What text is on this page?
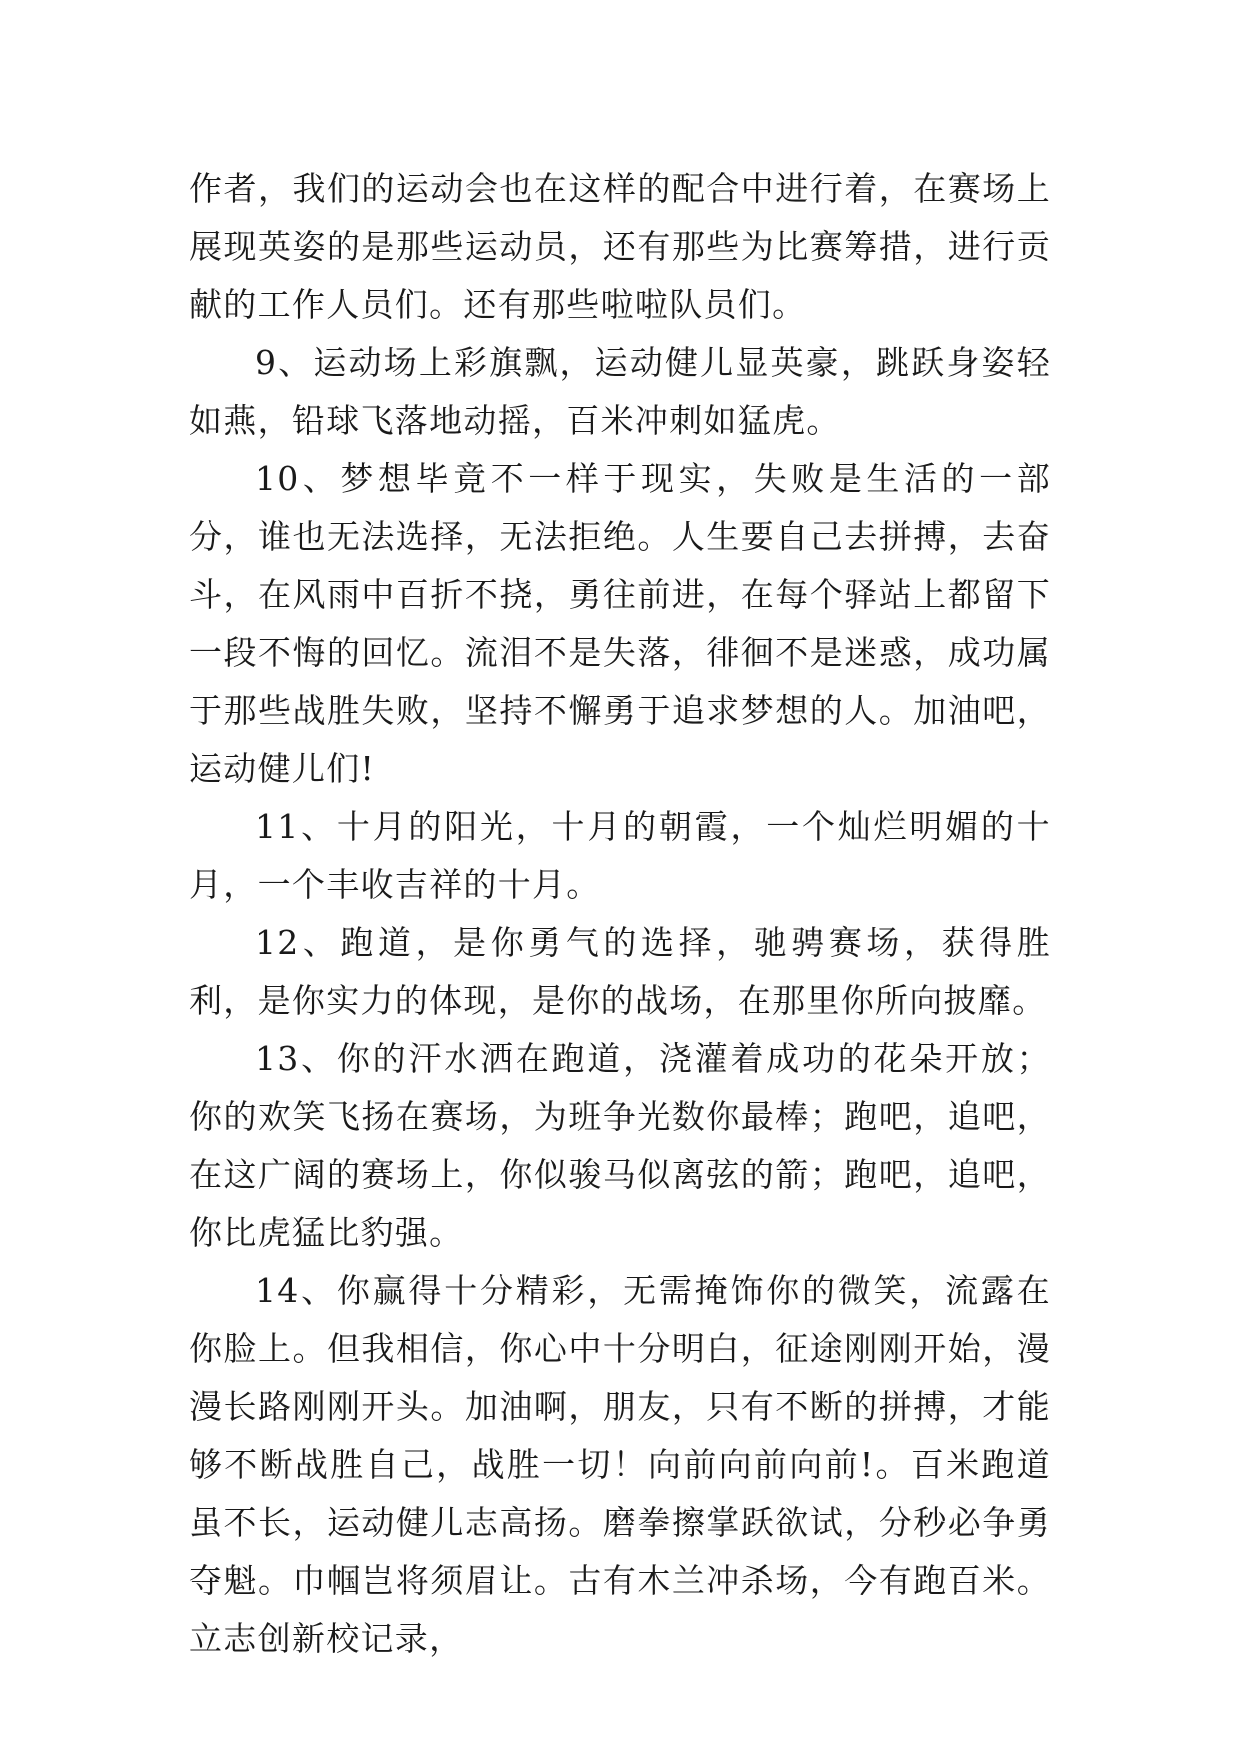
作者，我们的运动会也在这样的配合中进行着，在赛场上展现英姿的是那些运动员，还有那些为比赛筹措，进行贡献的工作人员们。还有那些啦啦队员们。

9、运动场上彩旗飘，运动健儿显英豪，跳跃身姿轻如燕，铅球飞落地动摇，百米冲刺如猛虎。

10、梦想毕竟不一样于现实，失败是生活的一部分，谁也无法选择，无法拒绝。人生要自己去拼搏，去奋斗，在风雨中百折不挠，勇往前进，在每个驿站上都留下一段不悔的回忆。流泪不是失落，徘徊不是迷惑，成功属于那些战胜失败，坚持不懈勇于追求梦想的人。加油吧，运动健儿们!

11、十月的阳光，十月的朝霞，一个灿烂明媚的十月，一个丰收吉祥的十月。

12、跑道，是你勇气的选择，驰骋赛场，获得胜利，是你实力的体现，是你的战场，在那里你所向披靡。

13、你的汗水洒在跑道，浇灌着成功的花朵开放；你的欢笑飞扬在赛场，为班争光数你最棒；跑吧，追吧，在这广阔的赛场上，你似骏马似离弦的箭；跑吧，追吧，你比虎猛比豹强。

14、你赢得十分精彩，无需掩饰你的微笑，流露在你脸上。但我相信，你心中十分明白，征途刚刚开始，漫漫长路刚刚开头。加油啊，朋友，只有不断的拼搏，才能够不断战胜自己，战胜一切！向前向前向前!。百米跑道虽不长，运动健儿志高扬。磨拳擦掌跃欲试，分秒必争勇夺魁。巾帼岂将须眉让。古有木兰冲杀场，今有跑百米。立志创新校记录，
